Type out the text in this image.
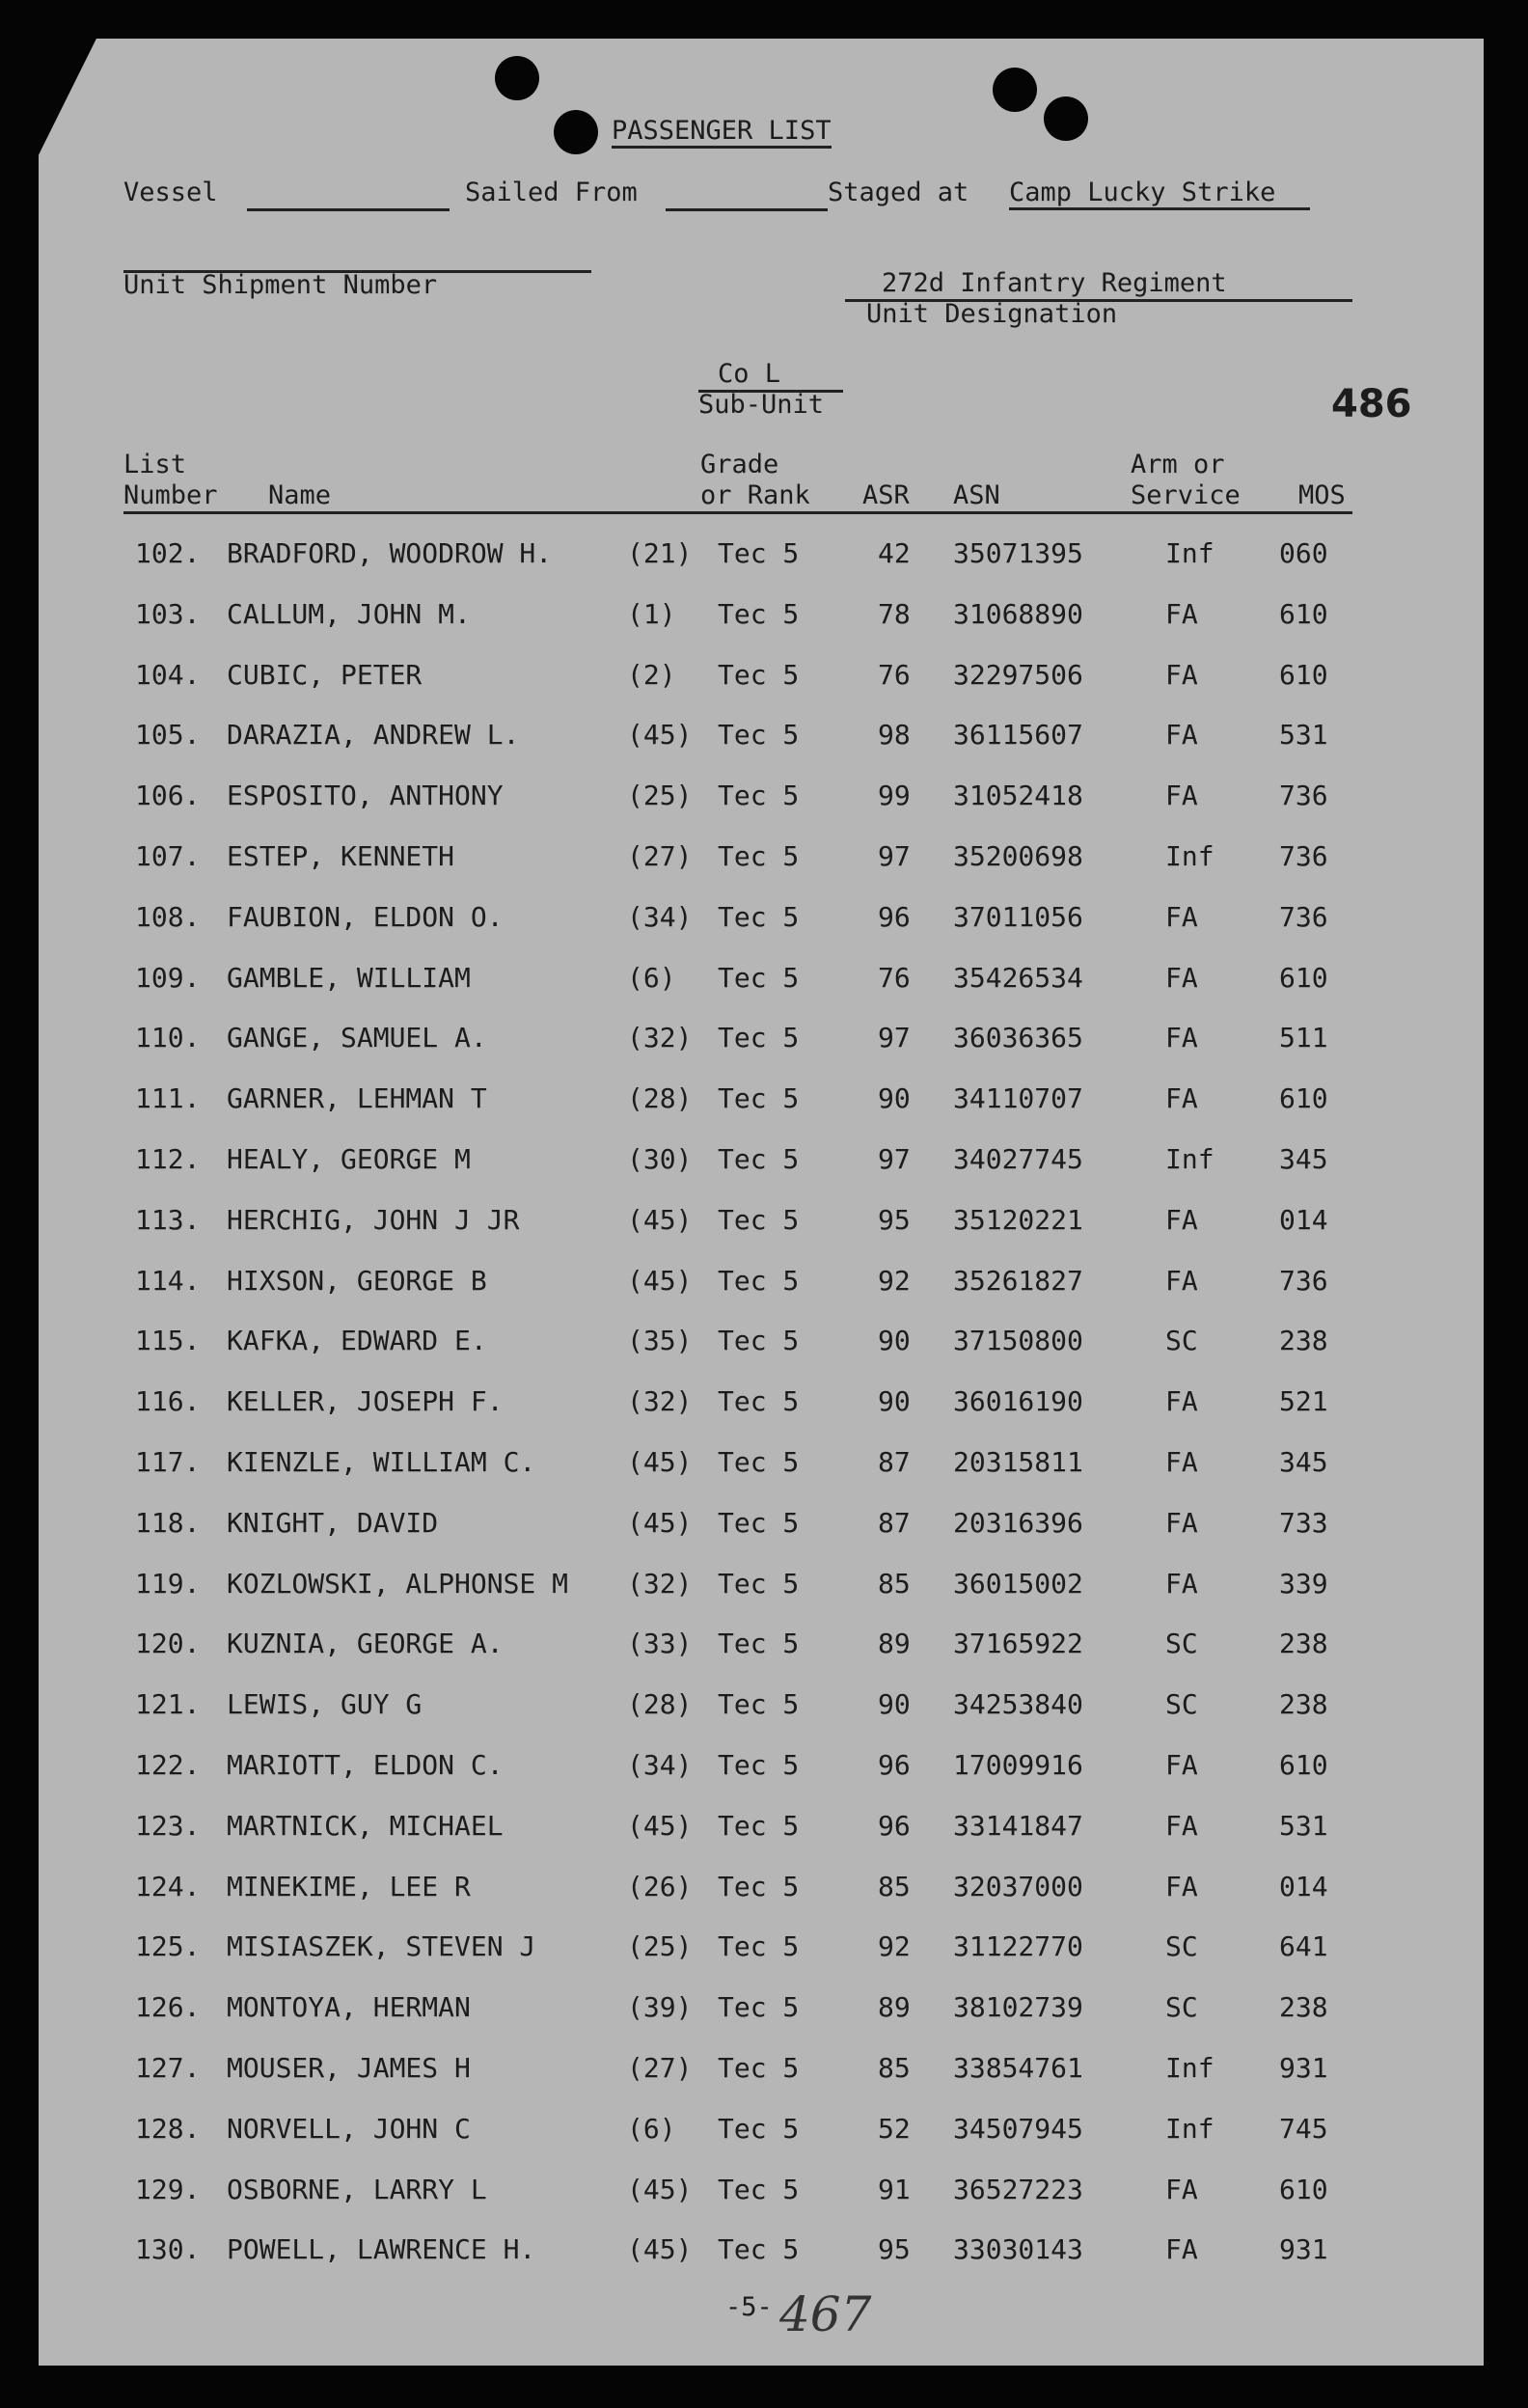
PASSENGER LIST
Vessel	Sailed From	Staged at Camp Lucky Strike
Unit Shipment Number	272d Infantry Regiment
Unit Designation
Co L
Sub-Unit	486
List
Number Name
Grade
or Rank ASR ASN
Arm or
Service MOS
102. BRADFORD, WOODROW H.	(21) Tec 5	42 35071395	Inf 060
103. CALLUM, JOHN M.	(1) Tec 5	78 31068890	FA	610
104. CUBIC, PETER	(2) Tec 5	76 32297506	FA	610
105. DARAZIA, ANDREW L.	(45) Tec 5	98 36115607	FA	531
106. ESPOSITO, ANTHONY	(25) Tec 5	99 31052418	FA	736
107. ESTEP, KENNETH	(27) Tec 5	97 35200698	Inf 736
108. FAUBION, ELDON O.	(34) Tec 5	96 37011056	FA	736
109. GAMBLE, WILLIAM	(6) Tec 5	76 35426534	FA	610
110. GANGE, SAMUEL A.	(32) Tec 5	97 36036365	FA	511
111. GARNER, LEHMAN T	(28) Tec 5	90 34110707	FA	610
112. HEALY, GEORGE M	(30) Tec 5	97 34027745	Inf 345
113. HERCHIG, JOHN J JR	(45) Tec 5	95 35120221	FA	014
114. HIXSON, GEORGE B	(45) Tec 5	92 35261827	FA	736
115. KAFKA, EDWARD E.	(35) Tec 5	90 37150800	SC	238
116. KELLER, JOSEPH F.	(32) Tec 5	90 36016190	FA	521
117. KIENZLE, WILLIAM C.	(45) Tec 5	87 20315811	FA	345
118. KNIGHT, DAVID	(45) Tec 5	87 20316396	FA	733
119. KOZLOWSKI, ALPHONSE M (32) Tec 5	85 36015002	FA	339
120. KUZNIA, GEORGE A.	(33) Tec 5	89 37165922	SC	238
121. LEWIS, GUY G	(28) Tec 5	90 34253840	SC	238
122. MARIOTT, ELDON C.	(34) Tec 5	96 17009916	FA	610
123. MARTNICK, MICHAEL	(45) Tec 5	96 33141847	FA	531
124. MINEKIME, LEE R	(26) Tec 5	85 32037000	FA	014
125. MISIASZEK, STEVEN J	(25) Tec 5	92 31122770	SC	641
126. MONTOYA, HERMAN	(39) Tec 5	89 38102739	SC	238
127. MOUSER, JAMES H	(27) Tec 5	85 33854761	Inf 931
128. NORVELL, JOHN C	(6) Tec 5	52 34507945	Inf 745
129. OSBORNE, LARRY L	(45) Tec 5	91 36527223	FA	610
130. POWELL, LAWRENCE H.	(45) Tec 5	95 33030143	FA	931
-5- 467
